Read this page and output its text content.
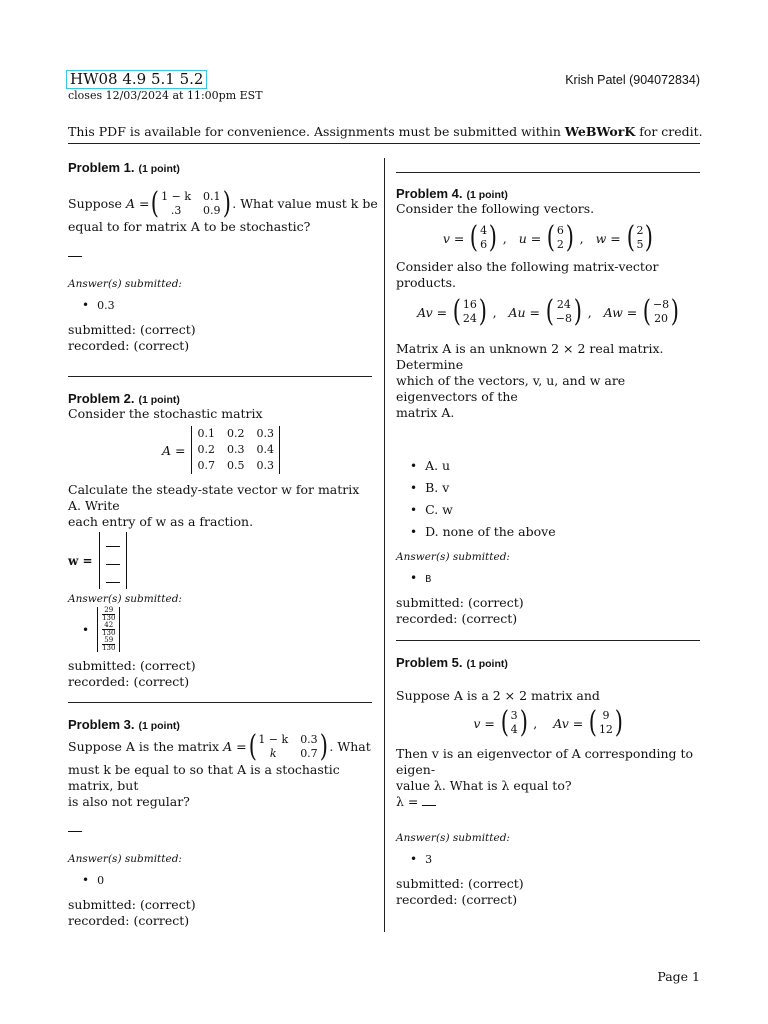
HW08 4.9 5.1 5.2
closes 12/03/2024 at 11:00pm EST
Krish Patel (904072834)
This PDF is available for convenience. Assignments must be submitted within WeBWorK for credit.
Problem 1. (1 point)
Suppose
A = ( 1 − k 0.1
.3	0.9 ) . What value must k be
equal to for matrix A to be stochastic?
Answer(s) submitted:
• 0.3
submitted: (correct)
recorded: (correct)
Problem 2. (1 point)
Consider the stochastic matrix
A =
0.1 0.2 0.3
0.2 0.3 0.4
0.7 0.5 0.3
Calculate the steady-state vector w for matrix A. Write
each entry of w as a fraction.
w =
Answer(s) submitted:
•
29
130
42
130
59
130
submitted: (correct)
recorded: (correct)
Problem 3. (1 point)
Suppose A is the matrix
A = ( 1 − k 0.3
k	0.7 ) . What
must k be equal to so that A is a stochastic matrix, but
is also not regular?
Answer(s) submitted:
• 0
submitted: (correct)
recorded: (correct)
Problem 4. (1 point)
Consider the following vectors.
v = ( 4
6 ) , u = ( 6
2 ) , w = ( 2
5 )
Consider also the following matrix-vector products.
Av = ( 16
24 ) , Au = ( 24
−8 ) , Aw = ( −8
20 )
Matrix A is an unknown 2 × 2 real matrix. Determine
which of the vectors, v, u, and w are eigenvectors of the
matrix A.
• A. u
• B. v
• C. w
• D. none of the above
Answer(s) submitted:
• B
submitted: (correct)
recorded: (correct)
Problem 5. (1 point)
Suppose A is a 2 × 2 matrix and
v = ( 3
4 ) , Av = ( 9
12 )
Then v is an eigenvector of A corresponding to eigen-
value λ. What is λ equal to?
λ =
Answer(s) submitted:
• 3
submitted: (correct)
recorded: (correct)
Page 1
